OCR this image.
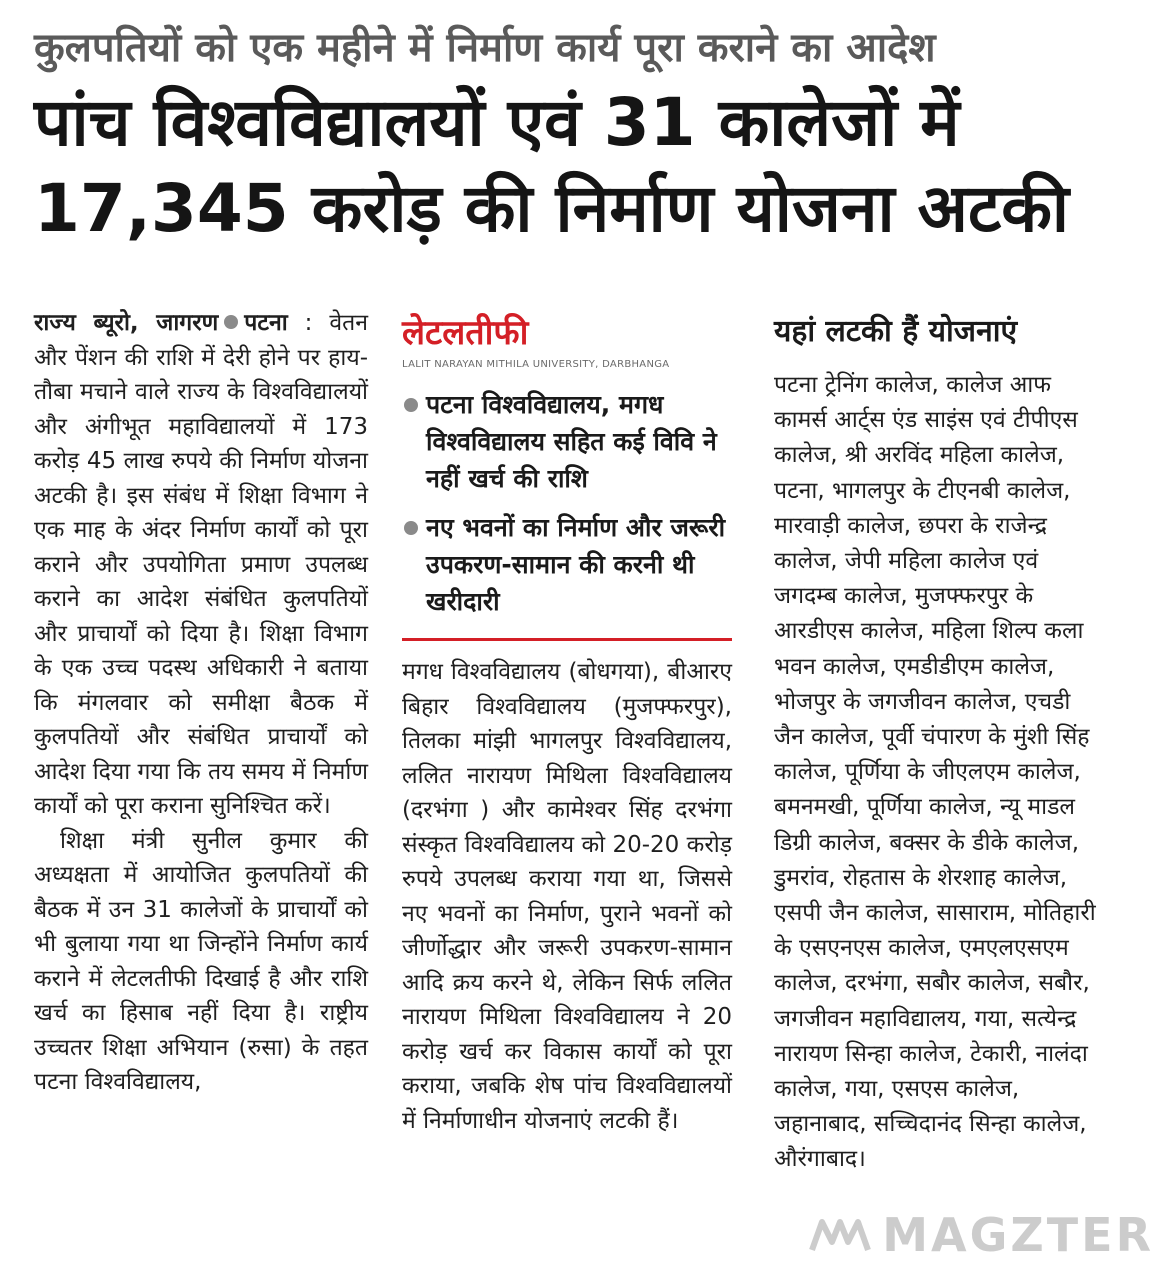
कुलपतियों को एक महीने में निर्माण कार्य पूरा कराने का आदेश
पांच विश्वविद्यालयों एवं 31 कालेजों में
17,345 करोड़ की निर्माण योजना अटकी

राज्य ब्यूरो, जागरण पटना : वेतन और पेंशन की राशि में देरी होने पर हाय-तौबा मचाने वाले राज्य के विश्वविद्यालयों और अंगीभूत महाविद्यालयों में 173 करोड़ 45 लाख रुपये की निर्माण योजना अटकी है। इस संबंध में शिक्षा विभाग ने एक माह के अंदर निर्माण कार्यों को पूरा कराने और उपयोगिता प्रमाण उपलब्ध कराने का आदेश संबंधित कुलपतियों और प्राचार्यों को दिया है। शिक्षा विभाग के एक उच्च पदस्थ अधिकारी ने बताया कि मंगलवार को समीक्षा बैठक में कुलपतियों और संबंधित प्राचार्यों को आदेश दिया गया कि तय समय में निर्माण कार्यों को पूरा कराना सुनिश्चित करें।

शिक्षा मंत्री सुनील कुमार की अध्यक्षता में आयोजित कुलपतियों की बैठक में उन 31 कालेजों के प्राचार्यों को भी बुलाया गया था जिन्होंने निर्माण कार्य कराने में लेटलतीफी दिखाई है और राशि खर्च का हिसाब नहीं दिया है। राष्ट्रीय उच्चतर शिक्षा अभियान (रुसा) के तहत पटना विश्वविद्यालय,

लेटलतीफी
LALIT NARAYAN MITHILA UNIVERSITY, DARBHANGA
पटना विश्वविद्यालय, मगध विश्वविद्यालय सहित कई विवि ने नहीं खर्च की राशि
नए भवनों का निर्माण और जरूरी उपकरण-सामान की करनी थी खरीदारी

मगध विश्वविद्यालय (बोधगया), बीआरए बिहार विश्वविद्यालय (मुजफ्फरपुर), तिलका मांझी भागलपुर विश्वविद्यालय, ललित नारायण मिथिला विश्वविद्यालय (दरभंगा ) और कामेश्वर सिंह दरभंगा संस्कृत विश्वविद्यालय को 20-20 करोड़ रुपये उपलब्ध कराया गया था, जिससे नए भवनों का निर्माण, पुराने भवनों को जीर्णोद्धार और जरूरी उपकरण-सामान आदि क्रय करने थे, लेकिन सिर्फ ललित नारायण मिथिला विश्वविद्यालय ने 20 करोड़ खर्च कर विकास कार्यों को पूरा कराया, जबकि शेष पांच विश्वविद्यालयों में निर्माणाधीन योजनाएं लटकी हैं।

यहां लटकी हैं योजनाएं

पटना ट्रेनिंग कालेज, कालेज आफ कामर्स आर्ट्स एंड साइंस एवं टीपीएस कालेज, श्री अरविंद महिला कालेज, पटना, भागलपुर के टीएनबी कालेज, मारवाड़ी कालेज, छपरा के राजेन्द्र कालेज, जेपी महिला कालेज एवं जगदम्ब कालेज, मुजफ्फरपुर के आरडीएस कालेज, महिला शिल्प कला भवन कालेज, एमडीडीएम कालेज, भोजपुर के जगजीवन कालेज, एचडी जैन कालेज, पूर्वी चंपारण के मुंशी सिंह कालेज, पूर्णिया के जीएलएम कालेज, बमनमखी, पूर्णिया कालेज, न्यू माडल डिग्री कालेज, बक्सर के डीके कालेज, डुमरांव, रोहतास के शेरशाह कालेज, एसपी जैन कालेज, सासाराम, मोतिहारी के एसएनएस कालेज, एमएलएसएम कालेज, दरभंगा, सबौर कालेज, सबौर, जगजीवन महाविद्यालय, गया, सत्येन्द्र नारायण सिन्हा कालेज, टेकारी, नालंदा कालेज, गया, एसएस कालेज, जहानाबाद, सच्चिदानंद सिन्हा कालेज, औरंगाबाद।

MAGZTER
